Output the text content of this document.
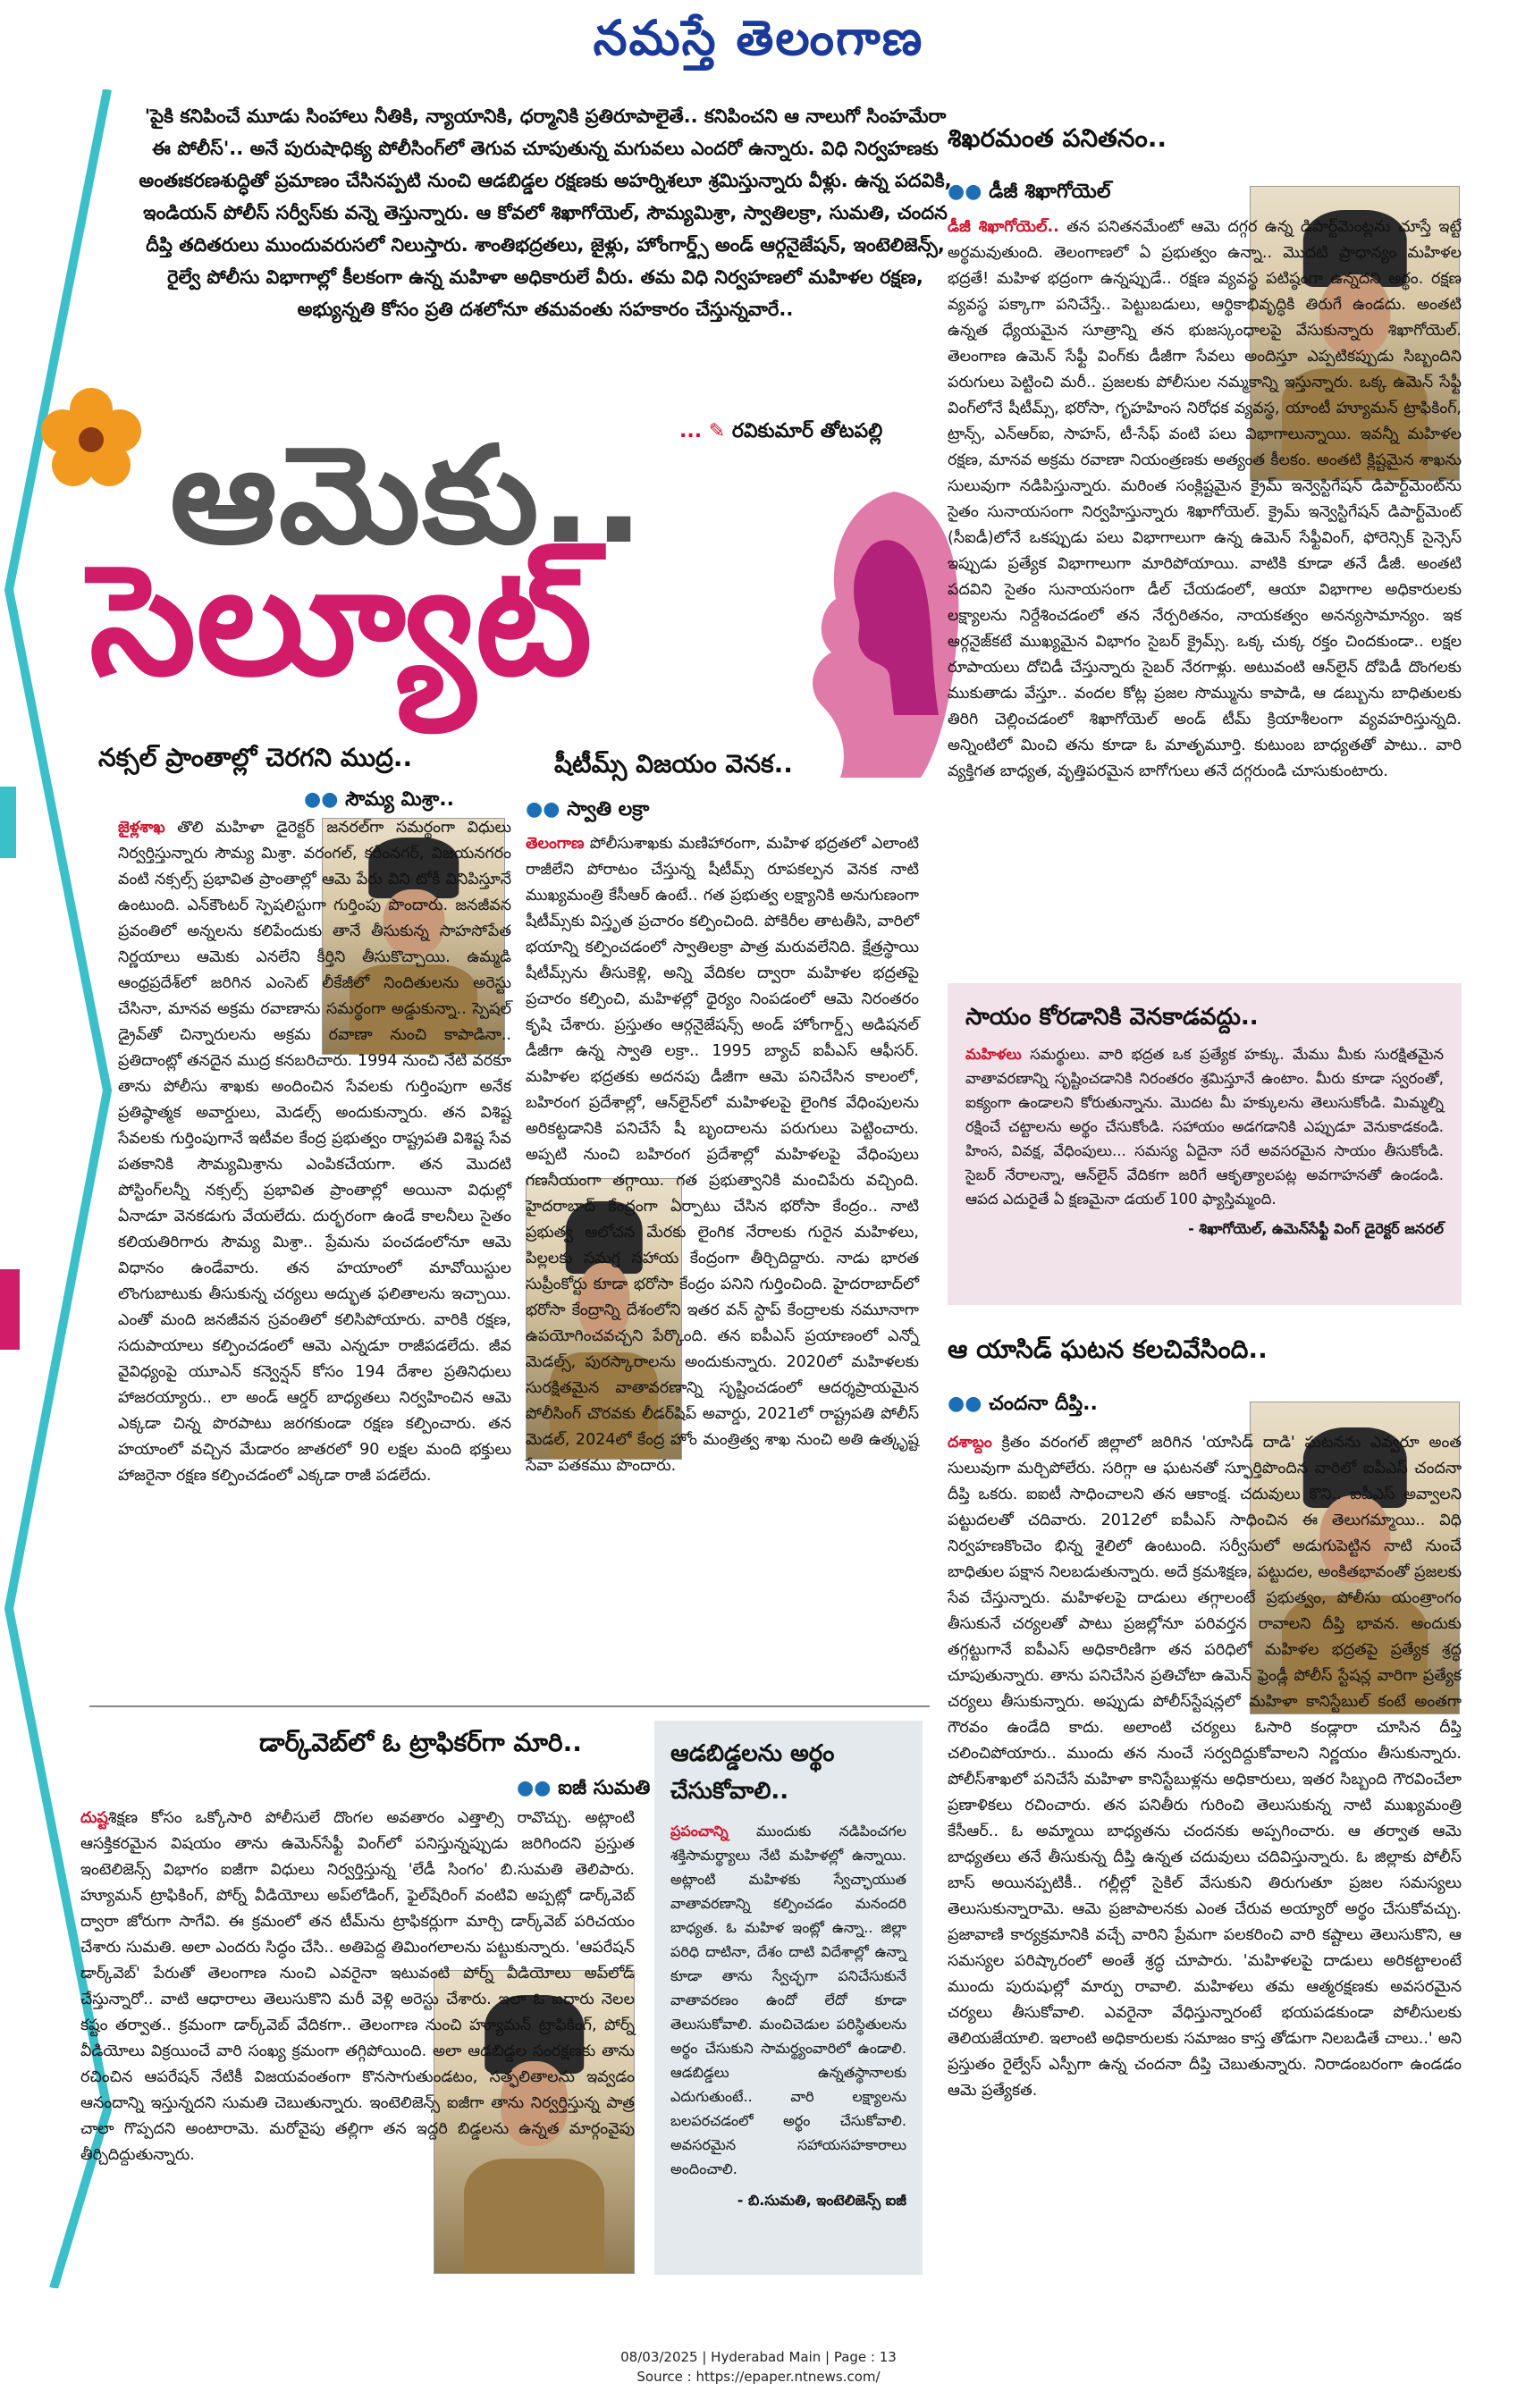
నమస్తే తెలంగాణ
'పైకి కనిపించే మూడు సింహాలు నీతికి, న్యాయానికి, ధర్మానికి ప్రతిరూపాలైతే.. కనిపించని ఆ నాలుగో సింహమేరా ఈ పోలీస్'.. అనే పురుషాధిక్య పోలీసింగ్‌లో తెగువ చూపుతున్న మగువలు ఎందరో ఉన్నారు. విధి నిర్వహణకు అంతఃకరణశుద్ధితో ప్రమాణం చేసినప్పటి నుంచి ఆడబిడ్డల రక్షణకు అహర్నిశలూ శ్రమిస్తున్నారు వీళ్లు. ఉన్న పదవికి, ఇండియన్ పోలీస్ సర్వీస్‌కు వన్నె తెస్తున్నారు. ఆ కోవలో శిఖాగోయెల్, సౌమ్యమిశ్రా, స్వాతిలక్రా, సుమతి, చందన దీప్తి తదితరులు ముందువరుసలో నిలుస్తారు. శాంతిభద్రతలు, జైళ్లు, హోంగార్డ్స్ అండ్ ఆర్గనైజేషన్, ఇంటెలిజెన్స్, రైల్వే పోలీసు విభాగాల్లో కీలకంగా ఉన్న మహిళా అధికారులే వీరు. తమ విధి నిర్వహణలో మహిళల రక్షణ, అభ్యున్నతి కోసం ప్రతి దశలోనూ తమవంతు సహకారం చేస్తున్నవారే..
... ✎ రవికుమార్ తోటపల్లి
ఆమెకు..
సెల్యూట్
నక్సల్ ప్రాంతాల్లో చెరగని ముద్ర..
●● సౌమ్య మిశ్రా..
జైళ్లశాఖ తొలి మహిళా డైరెక్టర్ జనరల్‌గా సమర్థంగా విధులు నిర్వర్తిస్తున్నారు సౌమ్య మిశ్రా. వరంగల్, కరీంనగర్, విజయనగరం వంటి నక్సల్స్ ప్రభావిత ప్రాంతాల్లో ఆమె పేరు విని టోకీ వినిపిస్తూనే ఉంటుంది. ఎన్‌కౌంటర్ స్పెషలిస్టుగా గుర్తింపు పొందారు. జనజీవన ప్రవంతిలో అన్నలను కలిపేందుకు తానే తీసుకున్న సాహసోపేత నిర్ణయాలు ఆమెకు ఎనలేని కీర్తిని తీసుకొచ్చాయి. ఉమ్మడి ఆంధ్రప్రదేశ్‌లో జరిగిన ఎంసెట్ లీకేజీలో నిందితులను అరెస్టు చేసినా, మానవ అక్రమ రవాణాను సమర్థంగా అడ్డుకున్నా.. స్పెషల్ డ్రైవ్‌తో చిన్నారులను అక్రమ రవాణా నుంచి కాపాడినా.. ప్రతిదాంట్లో తనదైన ముద్ర కనబరిచారు. 1994 నుంచి నేటి వరకూ తాను పోలీసు శాఖకు అందించిన సేవలకు గుర్తింపుగా అనేక ప్రతిష్ఠాత్మక అవార్డులు, మెడల్స్ అందుకున్నారు. తన విశిష్ట సేవలకు గుర్తింపుగానే ఇటీవల కేంద్ర ప్రభుత్వం రాష్ట్రపతి విశిష్ట సేవ పతకానికి సౌమ్యమిశ్రాను ఎంపికచేయగా. తన మొదటి పోస్టింగ్‌లన్నీ నక్సల్స్ ప్రభావిత ప్రాంతాల్లో అయినా విధుల్లో ఏనాడూ వెనకడుగు వేయలేదు. దుర్భరంగా ఉండే కాలనీలు సైతం కలియతిరిగారు సౌమ్య మిశ్రా.. ప్రేమను పంచడంలోనూ ఆమె విధానం ఉండేవారు. తన హయాంలో మావోయిస్టుల లొంగుబాటుకు తీసుకున్న చర్యలు అద్భుత ఫలితాలను ఇచ్చాయి. ఎంతో మంది జనజీవన స్రవంతిలో కలిసిపోయారు. వారికి రక్షణ, సదుపాయాలు కల్పించడంలో ఆమె ఎన్నడూ రాజీపడలేదు. జీవ వైవిధ్యంపై యూఎన్ కన్వెన్షన్ కోసం 194 దేశాల ప్రతినిధులు హాజరయ్యారు.. లా అండ్ ఆర్డర్ బాధ్యతలు నిర్వహించిన ఆమె ఎక్కడా చిన్న పొరపాటు జరగకుండా రక్షణ కల్పించారు. తన హయాంలో వచ్చిన మేడారం జాతరలో 90 లక్షల మంది భక్తులు హాజరైనా రక్షణ కల్పించడంలో ఎక్కడా రాజీ పడలేదు.
షీటీమ్స్ విజయం వెనక..
●● స్వాతి లక్రా
తెలంగాణ పోలీసుశాఖకు మణిహారంగా, మహిళ భద్రతలో ఎలాంటి రాజీలేని పోరాటం చేస్తున్న షీటీమ్స్ రూపకల్పన వెనక నాటి ముఖ్యమంత్రి కేసీఆర్ ఉంటే.. గత ప్రభుత్వ లక్ష్యానికి అనుగుణంగా షీటీమ్స్‌కు విస్తృత ప్రచారం కల్పించింది. పోకిరీల తాటతీసి, వారిలో భయాన్ని కల్పించడంలో స్వాతిలక్రా పాత్ర మరువలేనిది. క్షేత్రస్థాయి షీటీమ్స్‌ను తీసుకెళ్లి, అన్ని వేదికల ద్వారా మహిళల భద్రతపై ప్రచారం కల్పించి, మహిళల్లో ధైర్యం నింపడంలో ఆమె నిరంతరం కృషి చేశారు. ప్రస్తుతం ఆర్గనైజేషన్స్ అండ్ హోంగార్డ్స్ అడిషనల్ డీజీగా ఉన్న స్వాతి లక్రా.. 1995 బ్యాచ్ ఐపీఎస్ ఆఫీసర్. మహిళల భద్రతకు అదనపు డీజీగా ఆమె పనిచేసిన కాలంలో, బహిరంగ ప్రదేశాల్లో, ఆన్‌లైన్‌లో మహిళలపై లైంగిక వేధింపులను అరికట్టడానికి పనిచేసే షీ బృందాలను పరుగులు పెట్టించారు. అప్పటి నుంచి బహిరంగ ప్రదేశాల్లో మహిళలపై వేధింపులు గణనీయంగా తగ్గాయి. గత ప్రభుత్వానికి మంచిపేరు వచ్చింది. హైదరాబాద్ కేంద్రంగా ఏర్పాటు చేసిన భరోసా కేంద్రం.. నాటి ప్రభుత్వ ఆలోచన మేరకు లైంగిక నేరాలకు గురైన మహిళలు, పిల్లలకు సమగ్ర సహాయ కేంద్రంగా తీర్చిదిద్దారు. నాడు భారత సుప్రీంకోర్టు కూడా భరోసా కేంద్రం పనిని గుర్తించింది. హైదరాబాద్‌లో భరోసా కేంద్రాన్ని దేశంలోని ఇతర వన్ స్టాప్ కేంద్రాలకు నమూనాగా ఉపయోగించవచ్చని పేర్కొంది. తన ఐపీఎస్ ప్రయాణంలో ఎన్నో మెడల్స్, పురస్కారాలను అందుకున్నారు. 2020లో మహిళలకు సురక్షితమైన వాతావరణాన్ని సృష్టించడంలో ఆదర్శప్రాయమైన పోలీసింగ్ చొరవకు లీడర్‌షిప్ అవార్డు, 2021లో రాష్ట్రపతి పోలీస్ మెడల్, 2024లో కేంద్ర హోం మంత్రిత్వ శాఖ నుంచి అతి ఉత్కృష్ట సేవా పతకము పొందారు.
డార్క్‌వెబ్‌లో ఓ ట్రాఫికర్‌గా మారి..
●● ఐజీ సుమతి
దుష్టశిక్షణ కోసం ఒక్కోసారి పోలీసులే దొంగల అవతారం ఎత్తాల్సి రావొచ్చు. అట్లాంటి ఆసక్తికరమైన విషయం తాను ఉమెన్‌సేఫ్టీ వింగ్‌లో పనిస్తున్నప్పుడు జరిగిందని ప్రస్తుత ఇంటెలిజెన్స్ విభాగం ఐజీగా విధులు నిర్వర్తిస్తున్న 'లేడీ సింగం' బి.సుమతి తెలిపారు. హ్యూమన్ ట్రాఫికింగ్, పోర్న్ వీడియోలు అప్‌లోడింగ్, ఫైల్‌షేరింగ్ వంటివి అప్పట్లో డార్క్‌వెబ్ ద్వారా జోరుగా సాగేవి. ఈ క్రమంలో తన టీమ్‌ను ట్రాఫికర్లుగా మార్చి డార్క్‌వెబ్‌ పరిచయం చేశారు సుమతి. అలా ఎందరు సిద్ధం చేసి.. అతిపెద్ద తిమింగలాలను పట్టుకున్నారు. 'ఆపరేషన్ డార్క్‌వెబ్' పేరుతో తెలంగాణ నుంచి ఎవరైనా ఇటువంటి పోర్న్ వీడియోలు అప్‌లోడ్ చేస్తున్నారో.. వాటి ఆధారాలు తెలుసుకొని మరీ వెళ్లి అరెస్టు చేశారు. ఇలా ఓ ఐదారు నెలల కష్టం తర్వాత.. క్రమంగా డార్క్‌వెబ్ వేదికగా.. తెలంగాణ నుంచి హ్యూమన్ ట్రాఫికింగ్, పోర్న్ వీడియోలు విక్రయించే వారి సంఖ్య క్రమంగా తగ్గిపోయింది. అలా ఆడబిడ్డల సంరక్షణకు తాను రచించిన ఆపరేషన్ నేటికీ విజయవంతంగా కొనసాగుతుండటం, సత్ఫలితాలను ఇవ్వడం ఆనందాన్ని ఇస్తున్నదని సుమతి చెబుతున్నారు. ఇంటెలిజెన్స్ ఐజీగా తాను నిర్వర్తిస్తున్న పాత్ర చాలా గొప్పదని అంటారామె. మరోవైపు తల్లిగా తన ఇద్దరి బిడ్డలను ఉన్నత మార్గంవైపు తీర్చిదిద్దుతున్నారు.
ఆడబిడ్డలను అర్థం చేసుకోవాలి..
ప్రపంచాన్ని ముందుకు నడిపించగల శక్తిసామర్థ్యాలు నేటి మహిళల్లో ఉన్నాయి. అట్లాంటి మహిళకు స్వేచ్ఛాయుత వాతావరణాన్ని కల్పించడం మనందరి బాధ్యత. ఓ మహిళ ఇంట్లో ఉన్నా.. జిల్లా పరిధి దాటినా, దేశం దాటి విదేశాల్లో ఉన్నా కూడా తాను స్వేచ్ఛగా పనిచేసుకునే వాతావరణం ఉందో లేదో కూడా తెలుసుకోవాలి. మంచిచెడుల పరిస్థితులను అర్థం చేసుకుని సామర్థ్యంవారిలో ఉండాలి. ఆడబిడ్డలు ఉన్నతస్థానాలకు ఎదుగుతుంటే.. వారి లక్ష్యాలను బలపరచడంలో అర్థం చేసుకోవాలి. అవసరమైన సహాయసహకారాలు అందించాలి.
- బి.సుమతి, ఇంటెలిజెన్స్ ఐజీ
శిఖరమంత పనితనం..
●● డీజీ శిఖాగోయెల్
డీజీ శిఖాగోయెల్.. తన పనితనమేంటో ఆమె దగ్గర ఉన్న డిపార్ట్‌మెంట్లను చూస్తే ఇట్టే అర్థమవుతుంది. తెలంగాణలో ఏ ప్రభుత్వం ఉన్నా.. మొదటి ప్రాధాన్యం మహిళల భద్రతే! మహిళ భద్రంగా ఉన్నప్పుడే.. రక్షణ వ్యవస్థ పటిష్ఠంగా ఉన్నదని అర్థం. రక్షణ వ్యవస్థ పక్కాగా పనిచేస్తే.. పెట్టుబడులు, ఆర్థికాభివృద్ధికి తిరుగే ఉండదు. అంతటి ఉన్నత ధ్యేయమైన సూత్రాన్ని తన భుజస్కంధాలపై వేసుకున్నారు శిఖాగోయెల్. తెలంగాణ ఉమెన్ సేఫ్టీ వింగ్‌కు డీజీగా సేవలు అందిస్తూ ఎప్పటికప్పుడు సిబ్బందిని పరుగులు పెట్టించి మరీ.. ప్రజలకు పోలీసుల నమ్మకాన్ని ఇస్తున్నారు. ఒక్క ఉమెన్ సేఫ్టీ వింగ్‌లోనే షీటీమ్స్, భరోసా, గృహహింస నిరోధక వ్యవస్థ, యాంటీ హ్యూమన్ ట్రాఫికింగ్, ట్రాన్స్, ఎన్ఆర్ఐ, సాహస్, టీ-సేఫ్ వంటి పలు విభాగాలున్నాయి. ఇవన్నీ మహిళల రక్షణ, మానవ అక్రమ రవాణా నియంత్రణకు అత్యంత కీలకం. అంతటి క్లిష్టమైన శాఖను సులువుగా నడిపిస్తున్నారు. మరింత సంక్లిష్టమైన క్రైమ్ ఇన్వెస్టిగేషన్ డిపార్ట్‌మెంట్‌ను సైతం సునాయసంగా నిర్వహిస్తున్నారు శిఖాగోయెల్. క్రైమ్ ఇన్వెస్టిగేషన్ డిపార్ట్‌మెంట్ (సీఐడీ)లోనే ఒకప్పుడు పలు విభాగాలుగా ఉన్న ఉమెన్ సేఫ్టీవింగ్, ఫోరెన్సిక్ సైన్సెస్ ఇప్పుడు ప్రత్యేక విభాగాలుగా మారిపోయాయి. వాటికి కూడా తనే డీజీ. అంతటి పదవిని సైతం సునాయసంగా డీల్ చేయడంలో, ఆయా విభాగాల అధికారులకు లక్ష్యాలను నిర్దేశించడంలో తన నేర్పరితనం, నాయకత్వం అనన్యసామాన్యం. ఇక ఆర్గనైజ్‌కటే ముఖ్యమైన విభాగం సైబర్ క్రైమ్స్. ఒక్క చుక్క రక్తం చిందకుండా.. లక్షల రూపాయలు దోచిడీ చేస్తున్నారు సైబర్ నేరగాళ్లు. అటువంటి ఆన్‌లైన్ దోపిడీ దొంగలకు ముకుతాడు వేస్తూ.. వందల కోట్ల ప్రజల సొమ్మును కాపాడి, ఆ డబ్బును బాధితులకు తిరిగి చెల్లించడంలో శిఖాగోయెల్ అండ్ టీమ్ క్రియాశీలంగా వ్యవహరిస్తున్నది. అన్నింటిలో మించి తను కూడా ఓ మాతృమూర్తి. కుటుంబ బాధ్యతతో పాటు.. వారి వ్యక్తిగత బాధ్యత, వృత్తిపరమైన బాగోగులు తనే దగ్గరుండి చూసుకుంటారు.
సాయం కోరడానికి వెనకాడవద్దు..
మహిళలు సమర్థులు. వారి భద్రత ఒక ప్రత్యేక హక్కు. మేము మీకు సురక్షితమైన వాతావరణాన్ని సృష్టించడానికి నిరంతరం శ్రమిస్తూనే ఉంటాం. మీరు కూడా స్వరంతో, ఐక్యంగా ఉండాలని కోరుతున్నాను. మొదట మీ హక్కులను తెలుసుకోండి. మిమ్మల్ని రక్షించే చట్టాలను అర్థం చేసుకోండి. సహాయం అడగడానికి ఎప్పుడూ వెనుకాడకండి. హింస, వివక్ష, వేధింపులు... సమస్య ఏదైనా సరే అవసరమైన సాయం తీసుకోండి. సైబర్ నేరాలన్నా, ఆన్‌లైన్ వేదికగా జరిగే ఆకృత్యాలపట్ల అవగాహనతో ఉండండి. ఆపద ఎదురైతే ఏ క్షణమైనా డయల్ 100 ఫ్యాస్తిమ్మంది.
- శిఖాగోయెల్, ఉమెన్‌సేఫ్టీ వింగ్ డైరెక్టర్ జనరల్
ఆ యాసిడ్ ఘటన కలచివేసింది..
●● చందనా దీప్తి..
దశాబ్దం క్రితం వరంగల్ జిల్లాలో జరిగిన 'యాసిడ్ దాడి' ఘటనను ఎవ్వరూ అంత సులువుగా మర్చిపోలేరు. సరిగ్గా ఆ ఘటనతో స్ఫూర్తిపొందిన వారిలో ఐపీఎస్ చందనా దీప్తి ఒకరు. ఐఐటీ సాధించాలని తన ఆకాంక్ష. చదువులు కొని.. ఐపీఎస్ అవ్వాలని పట్టుదలతో చదివారు. 2012లో ఐపీఎస్ సాధించిన ఈ తెలుగమ్మాయి.. విధి నిర్వహణకొంచెం భిన్న శైలిలో ఉంటుంది. సర్వీసులో అడుగుపెట్టిన నాటి నుంచే బాధితుల పక్షాన నిలబడుతున్నారు. అదే క్రమశిక్షణ, పట్టుదల, అంకితభావంతో ప్రజలకు సేవ చేస్తున్నారు. మహిళలపై దాడులు తగ్గాలంటే ప్రభుత్వం, పోలీసు యంత్రాంగం తీసుకునే చర్యలతో పాటు ప్రజల్లోనూ పరివర్తన రావాలని దీప్తి భావన. అందుకు తగ్గట్టుగానే ఐపీఎస్ అధికారిణిగా తన పరిధిలో మహిళల భద్రతపై ప్రత్యేక శ్రద్ధ చూపుతున్నారు. తాను పనిచేసిన ప్రతిచోటా ఉమెన్ ఫ్రెండ్లీ పోలీస్ స్టేషన్ల వారిగా ప్రత్యేక చర్యలు తీసుకున్నారు. అప్పుడు పోలీస్‌స్టేషన్లలో మహిళా కానిస్టేబుల్ కంటే అంతగా గౌరవం ఉండేది కాదు. అలాంటి చర్యలు ఓసారి కండ్లారా చూసిన దీప్తి చలించిపోయారు.. ముందు తన నుంచే సర్వదిద్దుకోవాలని నిర్ణయం తీసుకున్నారు. పోలీస్‌శాఖలో పనిచేసే మహిళా కానిస్టేబుళ్లను అధికారులు, ఇతర సిబ్బంది గౌరవించేలా ప్రణాళికలు రచించారు. తన పనితీరు గురించి తెలుసుకున్న నాటి ముఖ్యమంత్రి కేసీఆర్.. ఓ అమ్మాయి బాధ్యతను చందనకు అప్పగించారు. ఆ తర్వాత ఆమె బాధ్యతలు తనే తీసుకున్న దీప్తి ఉన్నత చదువులు చదివిస్తున్నారు. ఓ జిల్లాకు పోలీస్ బాస్ అయినప్పటికీ.. గల్లీల్లో సైకిల్ వేసుకుని తిరుగుతూ ప్రజల సమస్యలు తెలుసుకున్నారామె. ఆమె ప్రజాపాలనకు ఎంత చేరువ అయ్యారో అర్థం చేసుకోవచ్చు. ప్రజావాణి కార్యక్రమానికి వచ్చే వారిని ప్రేమగా పలకరించి వారి కష్టాలు తెలుసుకొని, ఆ సమస్యల పరిష్కారంలో అంతే శ్రద్ధ చూపారు. 'మహిళలపై దాడులు అరికట్టాలంటే ముందు పురుషుల్లో మార్పు రావాలి. మహిళలు తమ ఆత్మరక్షణకు అవసరమైన చర్యలు తీసుకోవాలి. ఎవరైనా వేధిస్తున్నారంటే భయపడకుండా పోలీసులకు తెలియజేయాలి. ఇలాంటి అధికారులకు సమాజం కాస్త తోడుగా నిలబడితే చాలు..' అని ప్రస్తుతం రైల్వేస్ ఎస్పీగా ఉన్న చందనా దీప్తి చెబుతున్నారు. నిరాడంబరంగా ఉండడం ఆమె ప్రత్యేకత.
08/03/2025 | Hyderabad Main | Page : 13
Source : https://epaper.ntnews.com/
